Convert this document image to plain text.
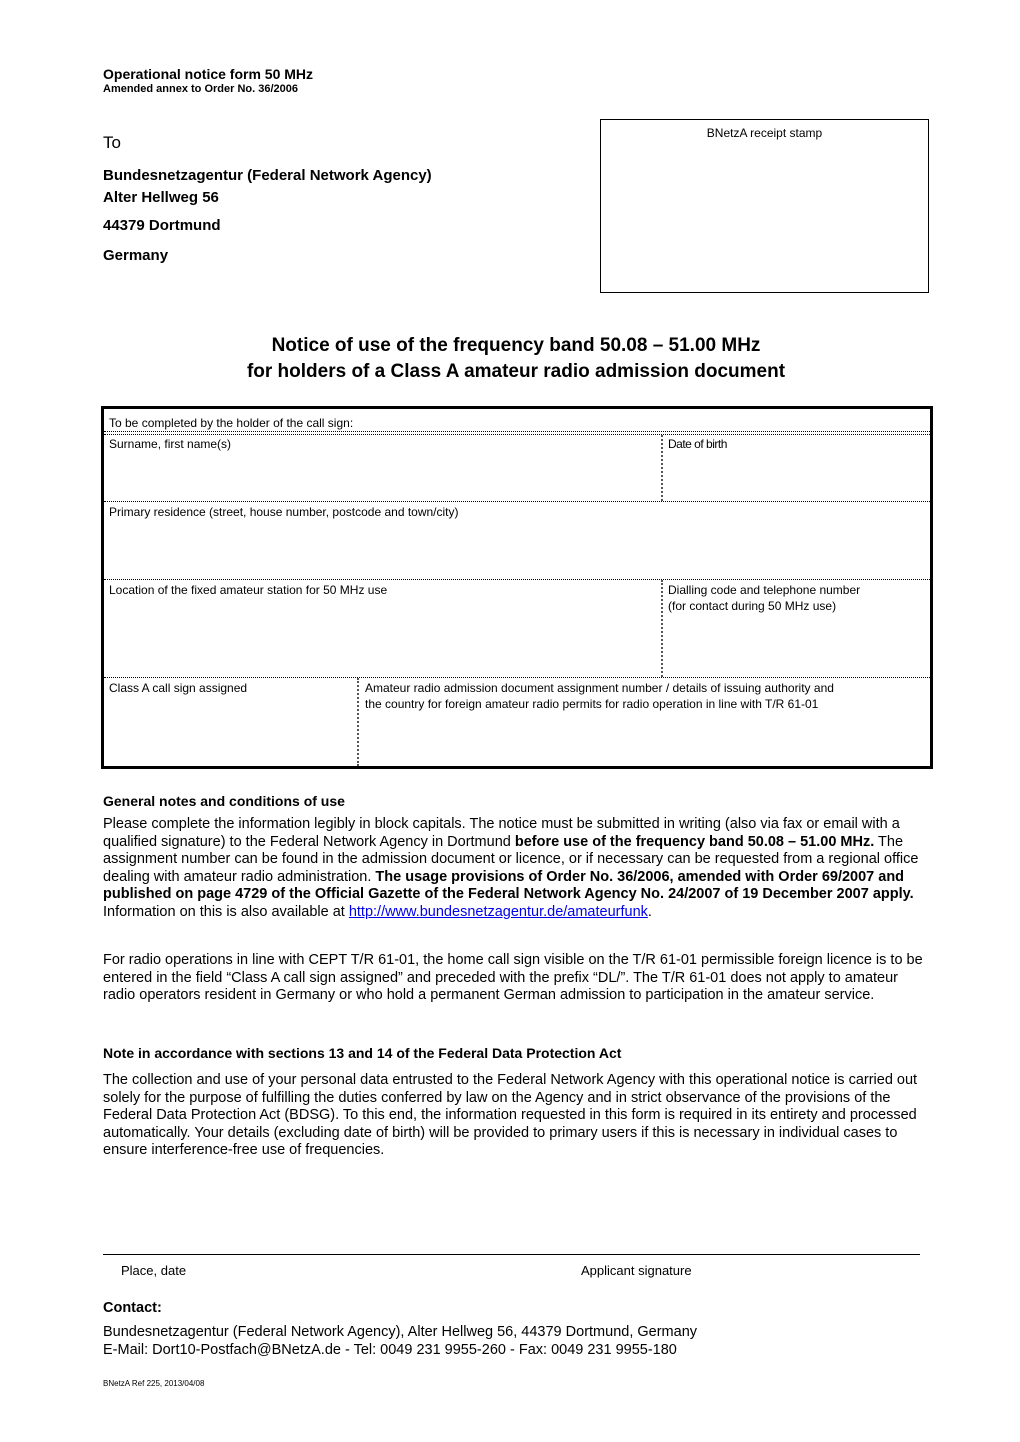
Operational notice form 50 MHz
Amended annex to Order No. 36/2006
To
Bundesnetzagentur (Federal Network Agency)
Alter Hellweg 56
44379 Dortmund
Germany
BNetzA receipt stamp
Notice of use of the frequency band 50.08 – 51.00 MHz
for holders of a Class A amateur radio admission document
To be completed by the holder of the call sign:
Surname, first name(s)	Date of birth
Primary residence (street, house number, postcode and town/city)
Location of the fixed amateur station for 50 MHz use	Dialling code and telephone number
(for contact during 50 MHz use)
Class A call sign assigned	Amateur radio admission document assignment number / details of issuing authority and
the country for foreign amateur radio permits for radio operation in line with T/R 61-01
General notes and conditions of use
Please complete the information legibly in block capitals. The notice must be submitted in writing (also via fax or email with a qualified signature) to the Federal Network Agency in Dortmund before use of the frequency band 50.08 – 51.00 MHz. The assignment number can be found in the admission document or licence, or if necessary can be requested from a regional office dealing with amateur radio administration. The usage provisions of Order No. 36/2006, amended with Order 69/2007 and published on page 4729 of the Official Gazette of the Federal Network Agency No. 24/2007 of 19 December 2007 apply. Information on this is also available at http://www.bundesnetzagentur.de/amateurfunk.
For radio operations in line with CEPT T/R 61-01, the home call sign visible on the T/R 61-01 permissible foreign licence is to be entered in the field “Class A call sign assigned” and preceded with the prefix “DL/”. The T/R 61-01 does not apply to amateur radio operators resident in Germany or who hold a permanent German admission to participation in the amateur service.
Note in accordance with sections 13 and 14 of the Federal Data Protection Act
The collection and use of your personal data entrusted to the Federal Network Agency with this operational notice is carried out solely for the purpose of fulfilling the duties conferred by law on the Agency and in strict observance of the provisions of the Federal Data Protection Act (BDSG). To this end, the information requested in this form is required in its entirety and processed automatically. Your details (excluding date of birth) will be provided to primary users if this is necessary in individual cases to ensure interference-free use of frequencies.
Place, date	Applicant signature
Contact:
Bundesnetzagentur (Federal Network Agency), Alter Hellweg 56, 44379 Dortmund, Germany
E-Mail: Dort10-Postfach@BNetzA.de - Tel: 0049 231 9955-260 - Fax: 0049 231 9955-180
BNetzA Ref 225, 2013/04/08
